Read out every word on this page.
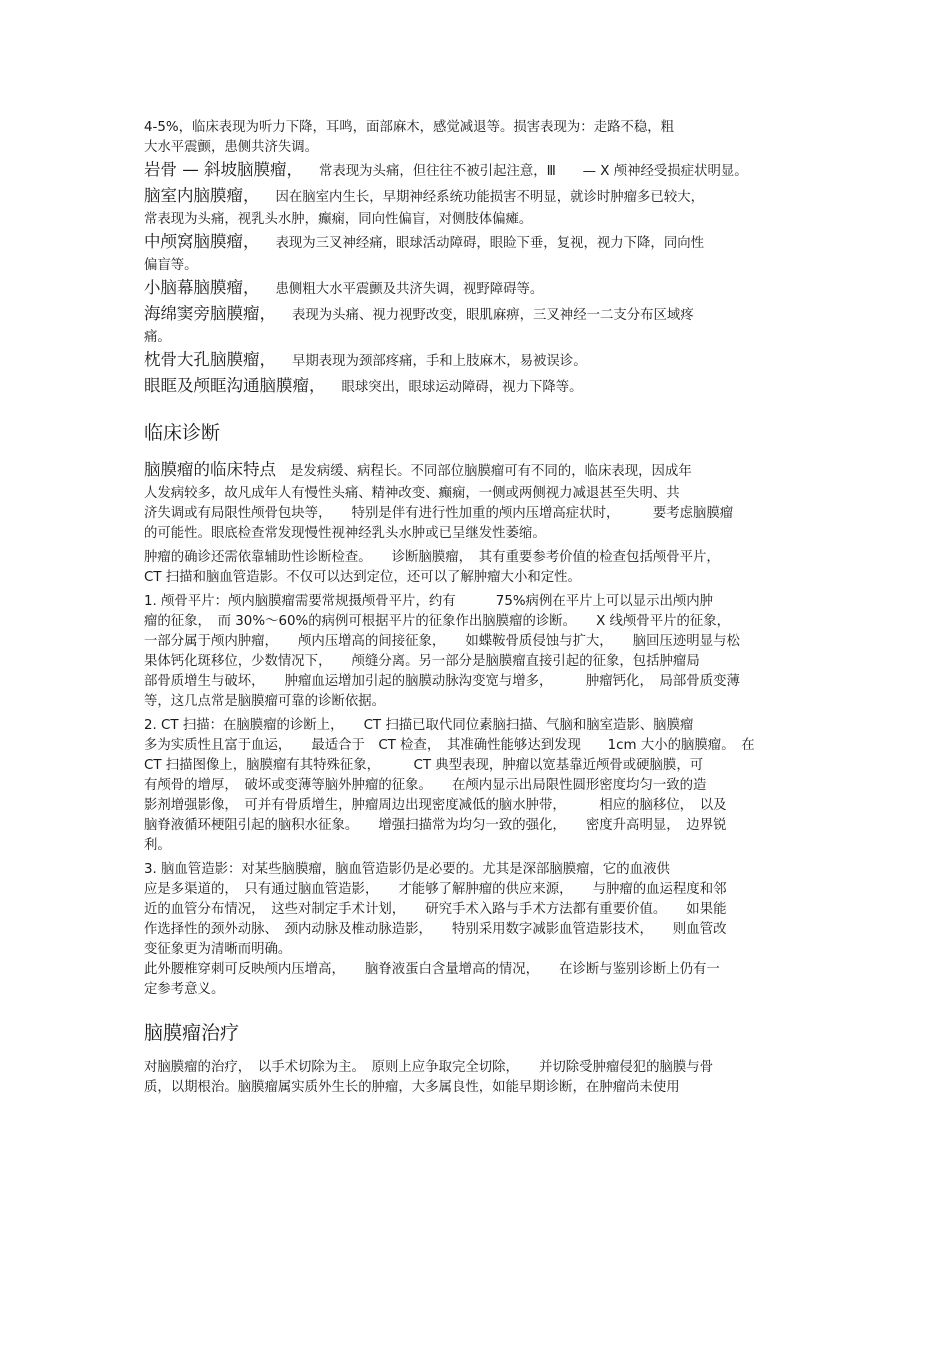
4-5%，临床表现为听力下降，耳鸣，面部麻木，感觉减退等。损害表现为：走路不稳，粗

大水平震颤，患侧共济失调。

岩骨 — 斜坡脑膜瘤， 常表现为头痛，但往往不被引起注意，Ⅲ　　— X 颅神经受损症状明显。

脑室内脑膜瘤， 因在脑室内生长，早期神经系统功能损害不明显，就诊时肿瘤多已较大，

常表现为头痛，视乳头水肿，癫痫，同向性偏盲，对侧肢体偏瘫。

中颅窝脑膜瘤， 表现为三叉神经痛，眼球活动障碍，眼睑下垂，复视，视力下降，同向性

偏盲等。

小脑幕脑膜瘤， 患侧粗大水平震颤及共济失调，视野障碍等。

海绵窦旁脑膜瘤， 表现为头痛、视力视野改变，眼肌麻痹，三叉神经一二支分布区域疼

痛。

枕骨大孔脑膜瘤， 早期表现为颈部疼痛，手和上肢麻木，易被误诊。

眼眶及颅眶沟通脑膜瘤， 眼球突出，眼球运动障碍，视力下降等。

临床诊断

脑膜瘤的临床特点 是发病缓、病程长。不同部位脑膜瘤可有不同的，临床表现，因成年

人发病较多，故凡成年人有慢性头痛、精神改变、癫痫，一侧或两侧视力减退甚至失明、共

济失调或有局限性颅骨包块等，　　特别是伴有进行性加重的颅内压增高症状时，　　　要考虑脑膜瘤

的可能性。眼底检查常发现慢性视神经乳头水肿或已呈继发性萎缩。

肿瘤的确诊还需依靠辅助性诊断检查。　　诊断脑膜瘤，　其有重要参考价值的检查包括颅骨平片，

CT 扫描和脑血管造影。不仅可以达到定位，还可以了解肿瘤大小和定性。

1. 颅骨平片：颅内脑膜瘤需要常规摄颅骨平片，约有　　　75%病例在平片上可以显示出颅内肿

瘤的征象，　而 30%～60%的病例可根据平片的征象作出脑膜瘤的诊断。　　X 线颅骨平片的征象，

一部分属于颅内肿瘤，　　颅内压增高的间接征象，　　如蝶鞍骨质侵蚀与扩大，　　脑回压迹明显与松

果体钙化斑移位，少数情况下，　　颅缝分离。另一部分是脑膜瘤直接引起的征象，包括肿瘤局

部骨质增生与破坏，　　肿瘤血运增加引起的脑膜动脉沟变宽与增多，　　　肿瘤钙化，　局部骨质变薄

等，这几点常是脑膜瘤可靠的诊断依据。

2. CT 扫描：在脑膜瘤的诊断上，　　CT 扫描已取代同位素脑扫描、气脑和脑室造影、脑膜瘤

多为实质性且富于血运，　　最适合于　CT 检查，　其准确性能够达到发现　　1cm 大小的脑膜瘤。　在

CT 扫描图像上，脑膜瘤有其特殊征象，　　　CT 典型表现，肿瘤以宽基靠近颅骨或硬脑膜，可

有颅骨的增厚，　破坏或变薄等脑外肿瘤的征象。　　在颅内显示出局限性圆形密度均匀一致的造

影剂增强影像，　可并有骨质增生，肿瘤周边出现密度减低的脑水肿带，　　　相应的脑移位，　以及

脑脊液循环梗阻引起的脑积水征象。　　增强扫描常为均匀一致的强化，　　密度升高明显，　边界锐

利。

3. 脑血管造影：对某些脑膜瘤，脑血管造影仍是必要的。尤其是深部脑膜瘤，它的血液供

应是多渠道的，　只有通过脑血管造影，　　才能够了解肿瘤的供应来源，　　与肿瘤的血运程度和邻

近的血管分布情况，　这些对制定手术计划，　　研究手术入路与手术方法都有重要价值。　　如果能

作选择性的颈外动脉、　颈内动脉及椎动脉造影，　　特别采用数字减影血管造影技术，　　则血管改

变征象更为清晰而明确。

此外腰椎穿刺可反映颅内压增高，　　脑脊液蛋白含量增高的情况，　　在诊断与鉴别诊断上仍有一

定参考意义。

脑膜瘤治疗

对脑膜瘤的治疗，　以手术切除为主。　原则上应争取完全切除，　　并切除受肿瘤侵犯的脑膜与骨

质，以期根治。脑膜瘤属实质外生长的肿瘤，大多属良性，如能早期诊断，在肿瘤尚未使用
